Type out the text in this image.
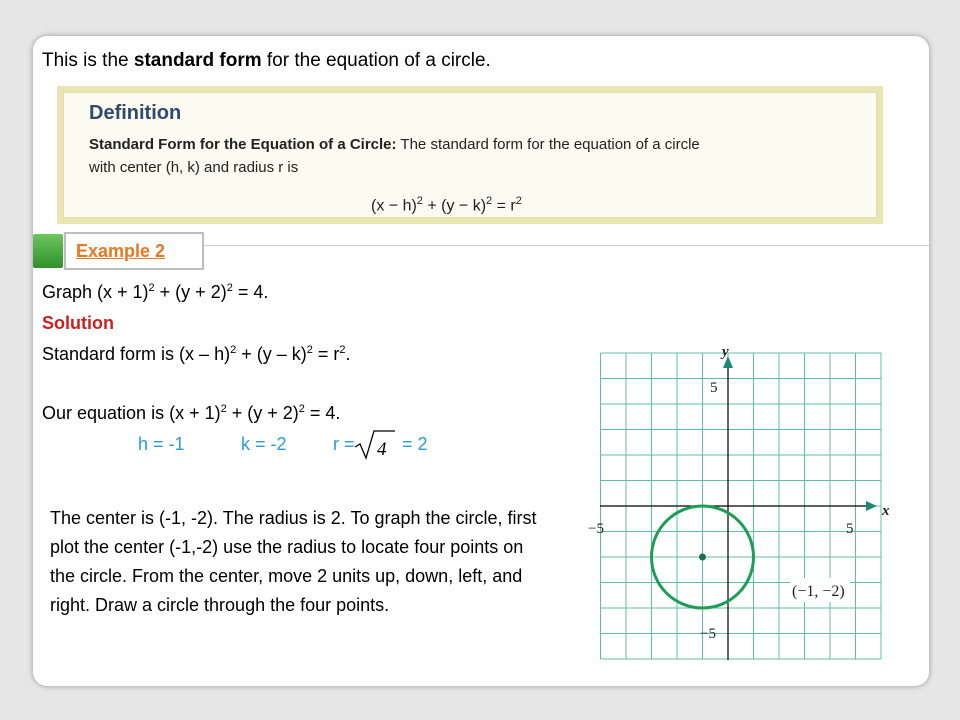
This is the standard form for the equation of a circle.
Definition
Standard Form for the Equation of a Circle: The standard form for the equation of a circle
with center (h, k) and radius r is
$(x - h)^2 + (y - k)^2 = r^2$
Example 2
Graph $(x + 1)^2 + (y + 2)^2 = 4$.
Solution
Standard form is $(x - h)^2 + (y - k)^2 = r^2$.
Our equation is $(x + 1)^2 + (y + 2)^2 = 4$.
h = -1	k = -2	r = 4 = 2
The center is (-1, -2). The radius is 2. To graph the circle, first plot the center (-1,-2) use the radius to locate four points on the circle. From the center, move 2 units up, down, left, and right. Draw a circle through the four points.
y
x
5
−5	5
−5
(−1, −2)
